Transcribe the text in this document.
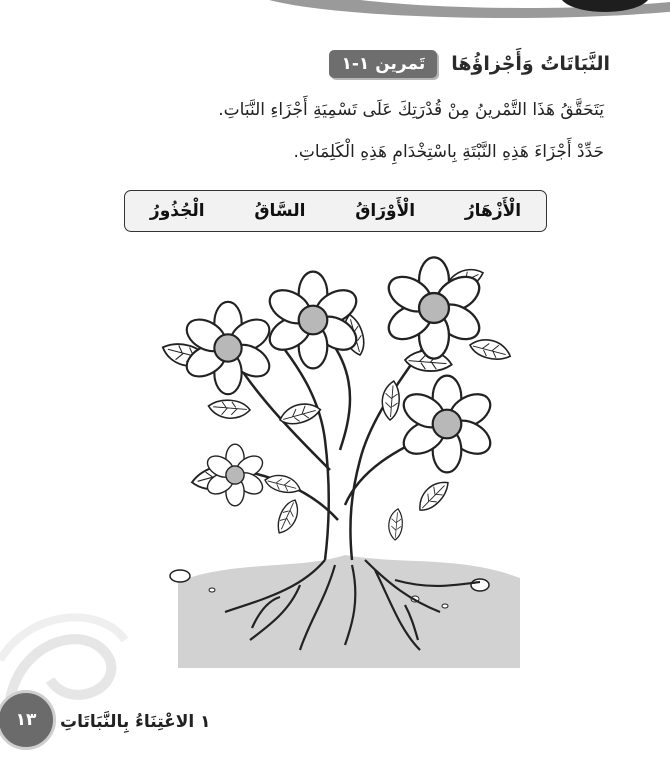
تَمرين ١-١	النَّبَاتَاتُ وَأَجْزاؤُهَا
يَتَحَقَّقُ هَذَا التَّمْرينُ مِنْ قُدْرَتِكَ عَلَى تَسْمِيَةِ أَجْزَاءِ النَّبَاتِ.
حَدِّدْ أَجْزَاءَ هَذِهِ النَّبْتَةِ بِاسْتِخْدَامِ هَذِهِ الْكَلِمَاتِ.
الْجُذُورُ	السَّاقُ	الْأَوْرَاقُ	الْأَزْهَارُ
١٣ ١ الاعْتِنَاءُ بِالنَّبَاتَاتِ
